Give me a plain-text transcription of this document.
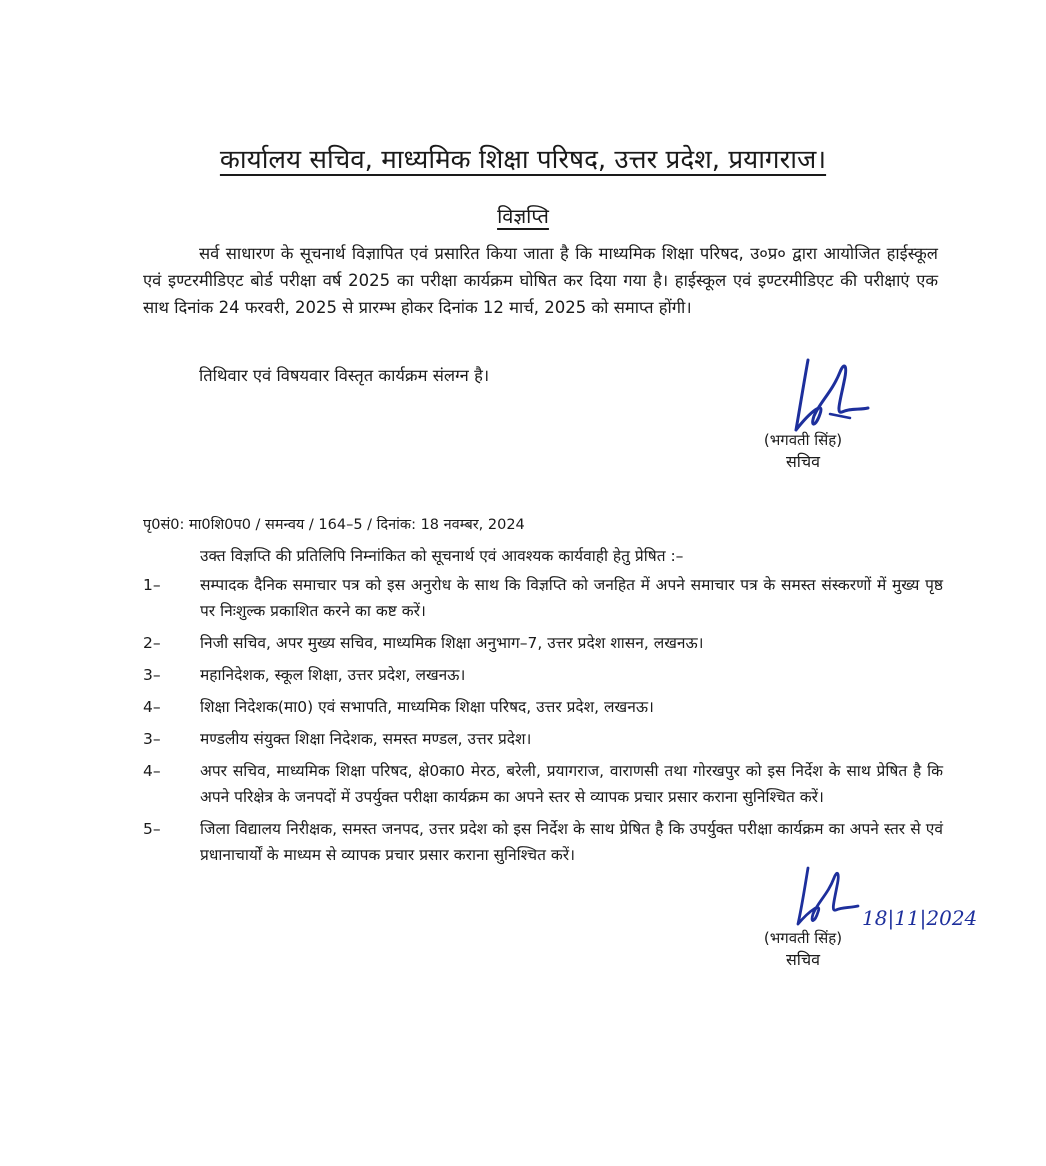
कार्यालय सचिव, माध्यमिक शिक्षा परिषद, उत्तर प्रदेश, प्रयागराज।
विज्ञप्ति

सर्व साधारण के सूचनार्थ विज्ञापित एवं प्रसारित किया जाता है कि माध्यमिक शिक्षा परिषद, उ०प्र० द्वारा आयोजित हाईस्कूल एवं इण्टरमीडिएट बोर्ड परीक्षा वर्ष 2025 का परीक्षा कार्यक्रम घोषित कर दिया गया है। हाईस्कूल एवं इण्टरमीडिएट की परीक्षाएं एक साथ दिनांक 24 फरवरी, 2025 से प्रारम्भ होकर दिनांक 12 मार्च, 2025 को समाप्त होंगी।

तिथिवार एवं विषयवार विस्तृत कार्यक्रम संलग्न है।

(भगवती सिंह)
सचिव
पृ0सं0: मा0शि0प0 / समन्वय / 164–5 / दिनांक: 18 नवम्बर, 2024
उक्त विज्ञप्ति की प्रतिलिपि निम्नांकित को सूचनार्थ एवं आवश्यक कार्यवाही हेतु प्रेषित :–
1–	सम्पादक दैनिक समाचार पत्र को इस अनुरोध के साथ कि विज्ञप्ति को जनहित में अपने समाचार पत्र के समस्त संस्करणों में मुख्य पृष्ठ पर निःशुल्क प्रकाशित करने का कष्ट करें।
2–	निजी सचिव, अपर मुख्य सचिव, माध्यमिक शिक्षा अनुभाग–7, उत्तर प्रदेश शासन, लखनऊ।
3–	महानिदेशक, स्कूल शिक्षा, उत्तर प्रदेश, लखनऊ।
4–	शिक्षा निदेशक(मा0) एवं सभापति, माध्यमिक शिक्षा परिषद, उत्तर प्रदेश, लखनऊ।
3–	मण्डलीय संयुक्त शिक्षा निदेशक, समस्त मण्डल, उत्तर प्रदेश।
4–	अपर सचिव, माध्यमिक शिक्षा परिषद, क्षे0का0 मेरठ, बरेली, प्रयागराज, वाराणसी तथा गोरखपुर को इस निर्देश के साथ प्रेषित है कि अपने परिक्षेत्र के जनपदों में उपर्युक्त परीक्षा कार्यक्रम का अपने स्तर से व्यापक प्रचार प्रसार कराना सुनिश्चित करें।
5–	जिला विद्यालय निरीक्षक, समस्त जनपद, उत्तर प्रदेश को इस निर्देश के साथ प्रेषित है कि उपर्युक्त परीक्षा कार्यक्रम का अपने स्तर से एवं प्रधानाचार्यों के माध्यम से व्यापक प्रचार प्रसार कराना सुनिश्चित करें।
18|11|2024
(भगवती सिंह)
सचिव
